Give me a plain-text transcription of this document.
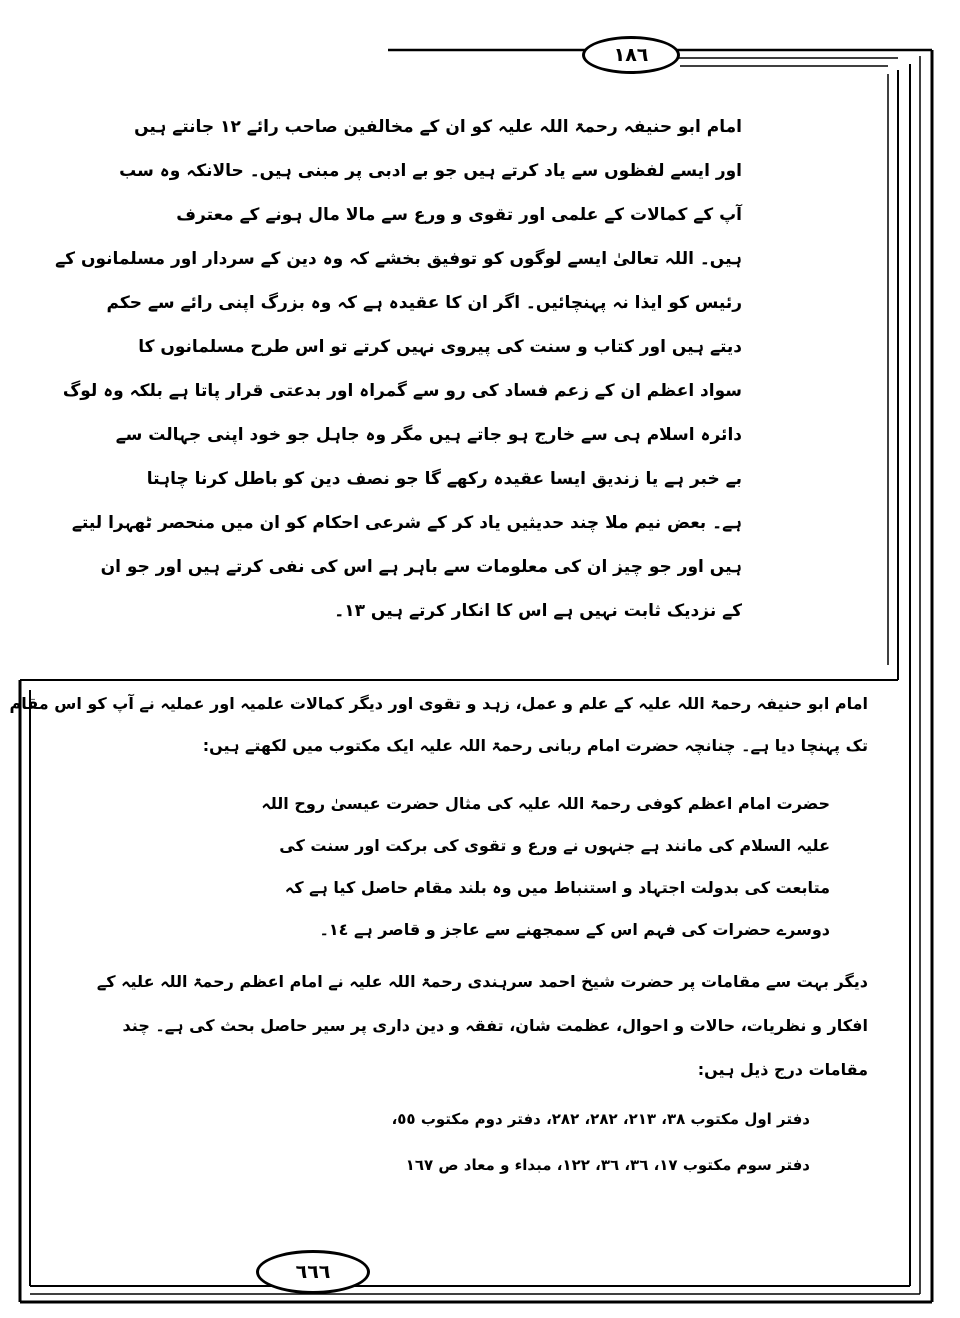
١٨٦
٦٦٦
امام ابو حنیفہ رحمۃ اللہ علیہ کو ان کے مخالفین صاحب رائے ١٢ جانتے ہیں
اور ایسے لفظوں سے یاد کرتے ہیں جو بے ادبی پر مبنی ہیں۔ حالانکہ وہ سب
آپ کے کمالات کے علمی اور تقوی و ورع سے مالا مال ہونے کے معترف
ہیں۔ اللہ تعالیٰ ایسے لوگوں کو توفیق بخشے کہ وہ دین کے سردار اور مسلمانوں کے
رئیس کو ایذا نہ پہنچائیں۔ اگر ان کا عقیدہ ہے کہ وہ بزرگ اپنی رائے سے حکم
دیتے ہیں اور کتاب و سنت کی پیروی نہیں کرتے تو اس طرح مسلمانوں کا
سواد اعظم ان کے زعم فساد کی رو سے گمراہ اور بدعتی قرار پاتا ہے بلکہ وہ لوگ
دائرہ اسلام ہی سے خارج ہو جاتے ہیں مگر وہ جاہل جو خود اپنی جہالت سے
بے خبر ہے یا زندیق ایسا عقیدہ رکھے گا جو نصف دین کو باطل کرنا چاہتا
ہے۔ بعض نیم ملا چند حدیثیں یاد کر کے شرعی احکام کو ان میں منحصر ٹھہرا لیتے
ہیں اور جو چیز ان کی معلومات سے باہر ہے اس کی نفی کرتے ہیں اور جو ان
کے نزدیک ثابت نہیں ہے اس کا انکار کرتے ہیں ١٣۔
امام ابو حنیفہ رحمۃ اللہ علیہ کے علم و عمل، زہد و تقوی اور دیگر کمالات علمیہ اور عملیہ نے آپ کو اس مقام
تک پہنچا دیا ہے۔ چنانچہ حضرت امام ربانی رحمۃ اللہ علیہ ایک مکتوب میں لکھتے ہیں:
حضرت امام اعظم کوفی رحمۃ اللہ علیہ کی مثال حضرت عیسیٰ روح اللہ
علیہ السلام کی مانند ہے جنہوں نے ورع و تقوی کی برکت اور سنت کی
متابعت کی بدولت اجتہاد و استنباط میں وہ بلند مقام حاصل کیا ہے کہ
دوسرے حضرات کی فہم اس کے سمجھنے سے عاجز و قاصر ہے ١٤۔
دیگر بہت سے مقامات پر حضرت شیخ احمد سرہندی رحمۃ اللہ علیہ نے امام اعظم رحمۃ اللہ علیہ کے
افکار و نظریات، حالات و احوال، عظمت شان، تفقہ و دین داری پر سیر حاصل بحث کی ہے۔ چند
مقامات درج ذیل ہیں:
دفتر اول مکتوب ٣٨، ٢١٣، ٢٨٢، ٢٨٢، دفتر دوم مکتوب ٥٥،
دفتر سوم مکتوب ١٧، ٣٦، ٣٦، ١٢٢، مبداء و معاد ص ١٦٧
